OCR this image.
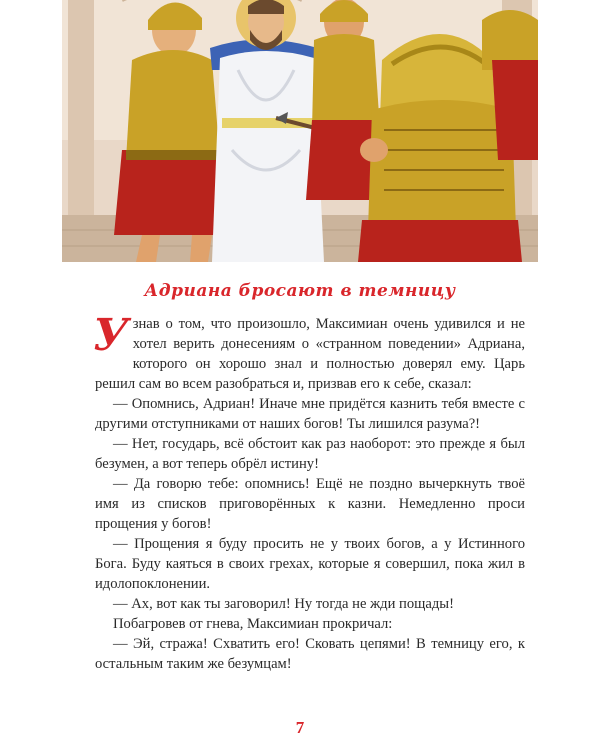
Адриана бросают в темницу

Узнав о том, что произошло, Максимиан очень удивился и не хотел верить донесениям о «странном поведении» Адриана, которого он хорошо знал и полностью доверял ему. Царь решил сам во всем разобраться и, призвав его к себе, сказал:

— Опомнись, Адриан! Иначе мне придётся казнить тебя вместе с другими отступниками от наших богов! Ты лишился разума?!

— Нет, государь, всё обстоит как раз наоборот: это прежде я был безумен, а вот теперь обрёл истину!

— Да говорю тебе: опомнись! Ещё не поздно вычеркнуть твоё имя из списков приговорённых к казни. Немедленно проси прощения у богов!

— Прощения я буду просить не у твоих богов, а у Истинного Бога. Буду каяться в своих грехах, которые я совершил, пока жил в идолопоклонении.

— Ах, вот как ты заговорил! Ну тогда не жди пощады!

Побагровев от гнева, Максимиан прокричал:

— Эй, стража! Схватить его! Сковать цепями! В темницу его, к остальным таким же безумцам!

7
